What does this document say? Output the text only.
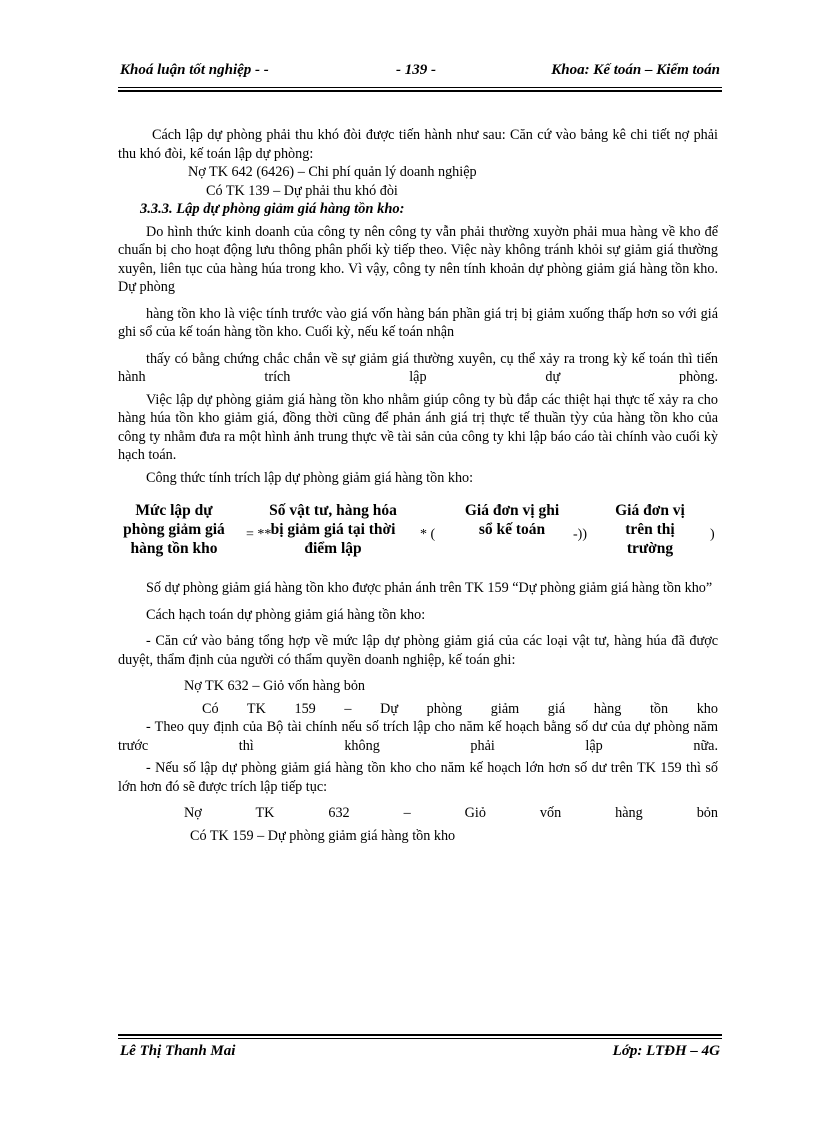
Khoá luận tốt nghiệp - -	- 139 -	Khoa: Kế toán – Kiểm toán

Cách lập dự phòng phải thu khó đòi được tiến hành như sau: Căn cứ vào bảng kê chi tiết nợ phải thu khó đòi, kế toán lập dự phòng:

Nợ TK 642 (6426) – Chi phí quản lý doanh nghiệp

Có TK 139 – Dự phải thu khó đòi

3.3.3. Lập dự phòng giảm giá hàng tồn kho:

Do hình thức kinh doanh của công ty nên công ty vẫn phải thường xuyờn phải mua hàng về kho để chuẩn bị cho hoạt động lưu thông phân phối kỳ tiếp theo. Việc này không tránh khỏi sự giảm giá thường xuyên, liên tục của hàng húa trong kho. Vì vậy, công ty nên tính khoản dự phòng giảm giá hàng tồn kho. Dự phòng

hàng tồn kho là việc tính trước vào giá vốn hàng bán phần giá trị bị giảm xuống thấp hơn so với giá ghi sổ của kế toán hàng tồn kho. Cuối kỳ, nếu kế toán nhận

thấy có bằng chứng chắc chắn về sự giảm giá thường xuyên, cụ thể xảy ra trong kỳ kế toán thì tiến hành trích lập dự phòng.

Việc lập dự phòng giảm giá hàng tồn kho nhằm giúp công ty bù đắp các thiệt hại thực tế xảy ra cho hàng húa tồn kho giảm giá, đồng thời cũng để phản ánh giá trị thực tế thuần tỳy của hàng tồn kho của công ty nhằm đưa ra một hình ảnh trung thực về tài sản của công ty khi lập báo cáo tài chính vào cuối kỳ hạch toán.

Công thức tính trích lập dự phòng giảm giá hàng tồn kho:

Mức lập dự phòng giảm giá hàng tồn kho
= **
Số vật tư, hàng hóa bị giảm giá tại thời điểm lập
* (
Giá đơn vị ghi sổ kế toán	-))
Giá đơn vị trên thị trường
)

Số dự phòng giảm giá hàng tồn kho được phản ánh trên TK 159 “Dự phòng giảm giá hàng tồn kho”

Cách hạch toán dự phòng giảm giá hàng tồn kho:

- Căn cứ vào bảng tổng hợp về mức lập dự phòng giảm giá của các loại vật tư, hàng húa đã được duyệt, thẩm định của người có thẩm quyền doanh nghiệp, kế toán ghi:

Nợ TK 632 – Giỏ vốn hàng bỏn

Có TK 159 – Dự phòng giảm giá hàng tồn kho

- Theo quy định của Bộ tài chính nếu số trích lập cho năm kế hoạch bằng số dư của dự phòng năm trước thì không phải lập nữa.

- Nếu số lập dự phòng giảm giá hàng tồn kho cho năm kế hoạch lớn hơn số dư trên TK 159 thì số lớn hơn đó sẽ được trích lập tiếp tục:

Nợ TK 632 – Giỏ vốn hàng bỏn

Có TK 159 – Dự phòng giảm giá hàng tồn kho

Lê Thị Thanh Mai	Lớp: LTĐH – 4G
